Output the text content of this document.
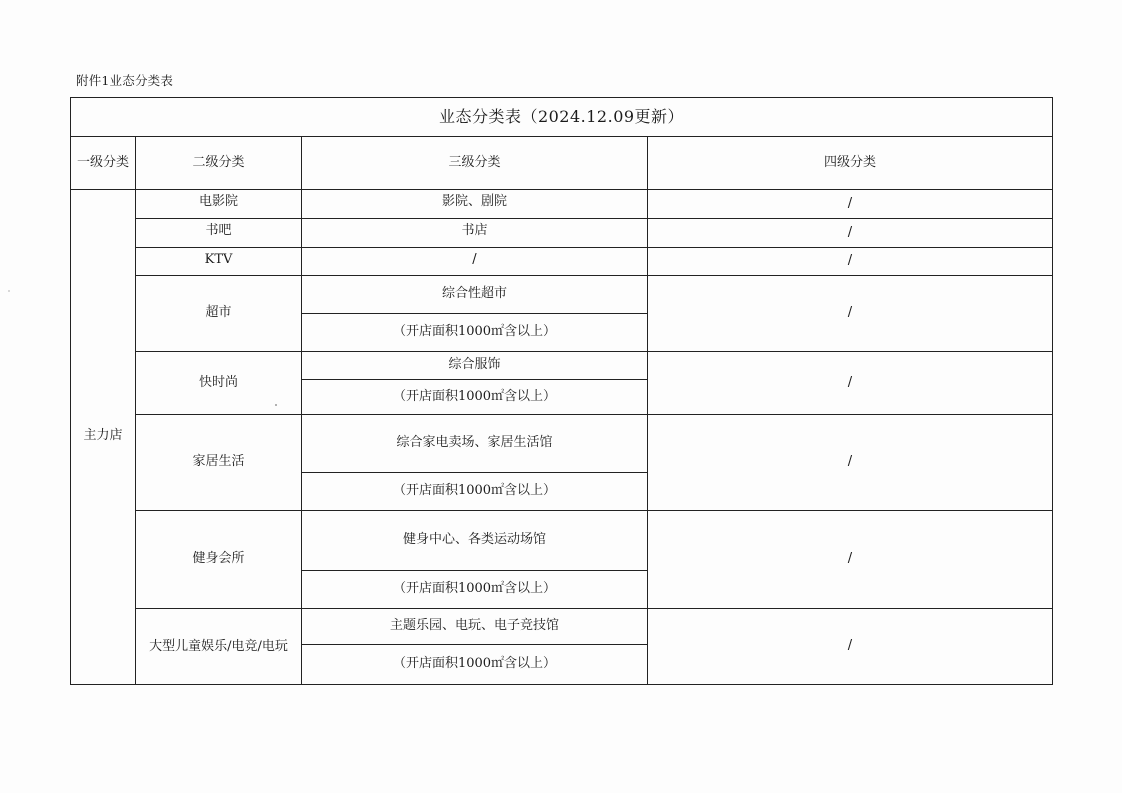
附件1业态分类表
业态分类表（2024.12.09更新）			
一级分类	二级分类	三级分类	四级分类
主力店	电影院	影院、剧院	/
	书吧	书店	/
	KTV	/	/
	超市	综合性超市	/
		（开店面积1000㎡含以上）	
	快时尚	综合服饰	/
		（开店面积1000㎡含以上）	
	家居生活	综合家电卖场、家居生活馆	/
		（开店面积1000㎡含以上）	
	健身会所	健身中心、各类运动场馆	/
		（开店面积1000㎡含以上）	
	大型儿童娱乐/电竞/电玩	主题乐园、电玩、电子竞技馆	/
		（开店面积1000㎡含以上）	
